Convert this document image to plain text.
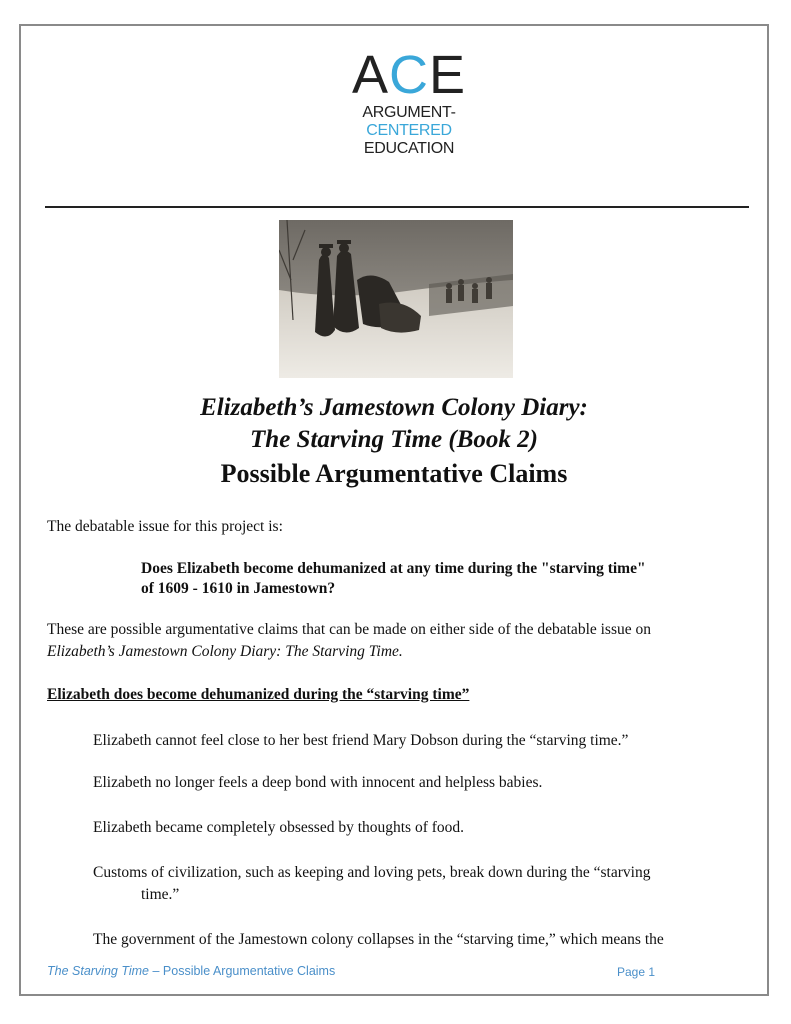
ACE
ARGUMENT-
CENTERED
EDUCATION
Elizabeth’s Jamestown Colony Diary:
The Starving Time (Book 2)
Possible Argumentative Claims
The debatable issue for this project is:
Does Elizabeth become dehumanized at any time during the "starving time"
of 1609 - 1610 in Jamestown?
These are possible argumentative claims that can be made on either side of the debatable issue on
Elizabeth’s Jamestown Colony Diary: The Starving Time.
Elizabeth does become dehumanized during the “starving time”
Elizabeth cannot feel close to her best friend Mary Dobson during the “starving time.”
Elizabeth no longer feels a deep bond with innocent and helpless babies.
Elizabeth became completely obsessed by thoughts of food.
Customs of civilization, such as keeping and loving pets, break down during the “starving
time.”
The government of the Jamestown colony collapses in the “starving time,” which means the
The Starving Time – Possible Argumentative Claims	Page 1
